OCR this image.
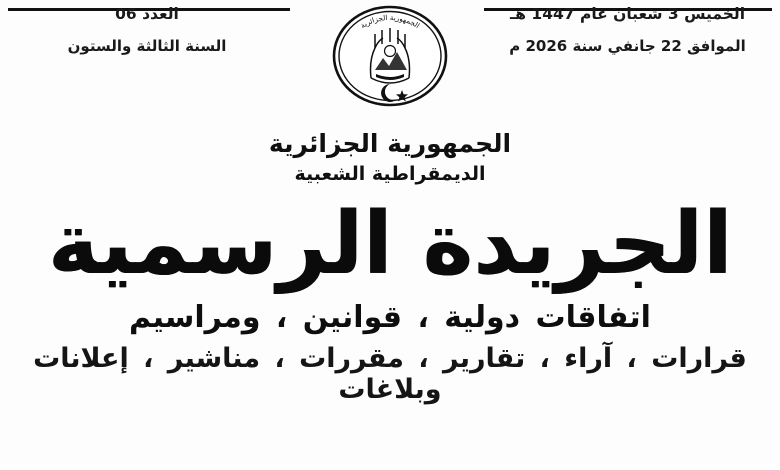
الخميس 3 شعبان عام 1447 هـ
الموافق 22 جانفي سنة 2026 م
العدد 06
السنة الثالثة والستون
الجمهورية الجزائرية
الجمهورية الجزائرية
الديمقراطية الشعبية
الجريدة الرسمية
اتفاقات دولية ، قوانين ، ومراسيم
قرارات ، آراء ، تقارير ، مقررات ، مناشير ، إعلانات وبلاغات
